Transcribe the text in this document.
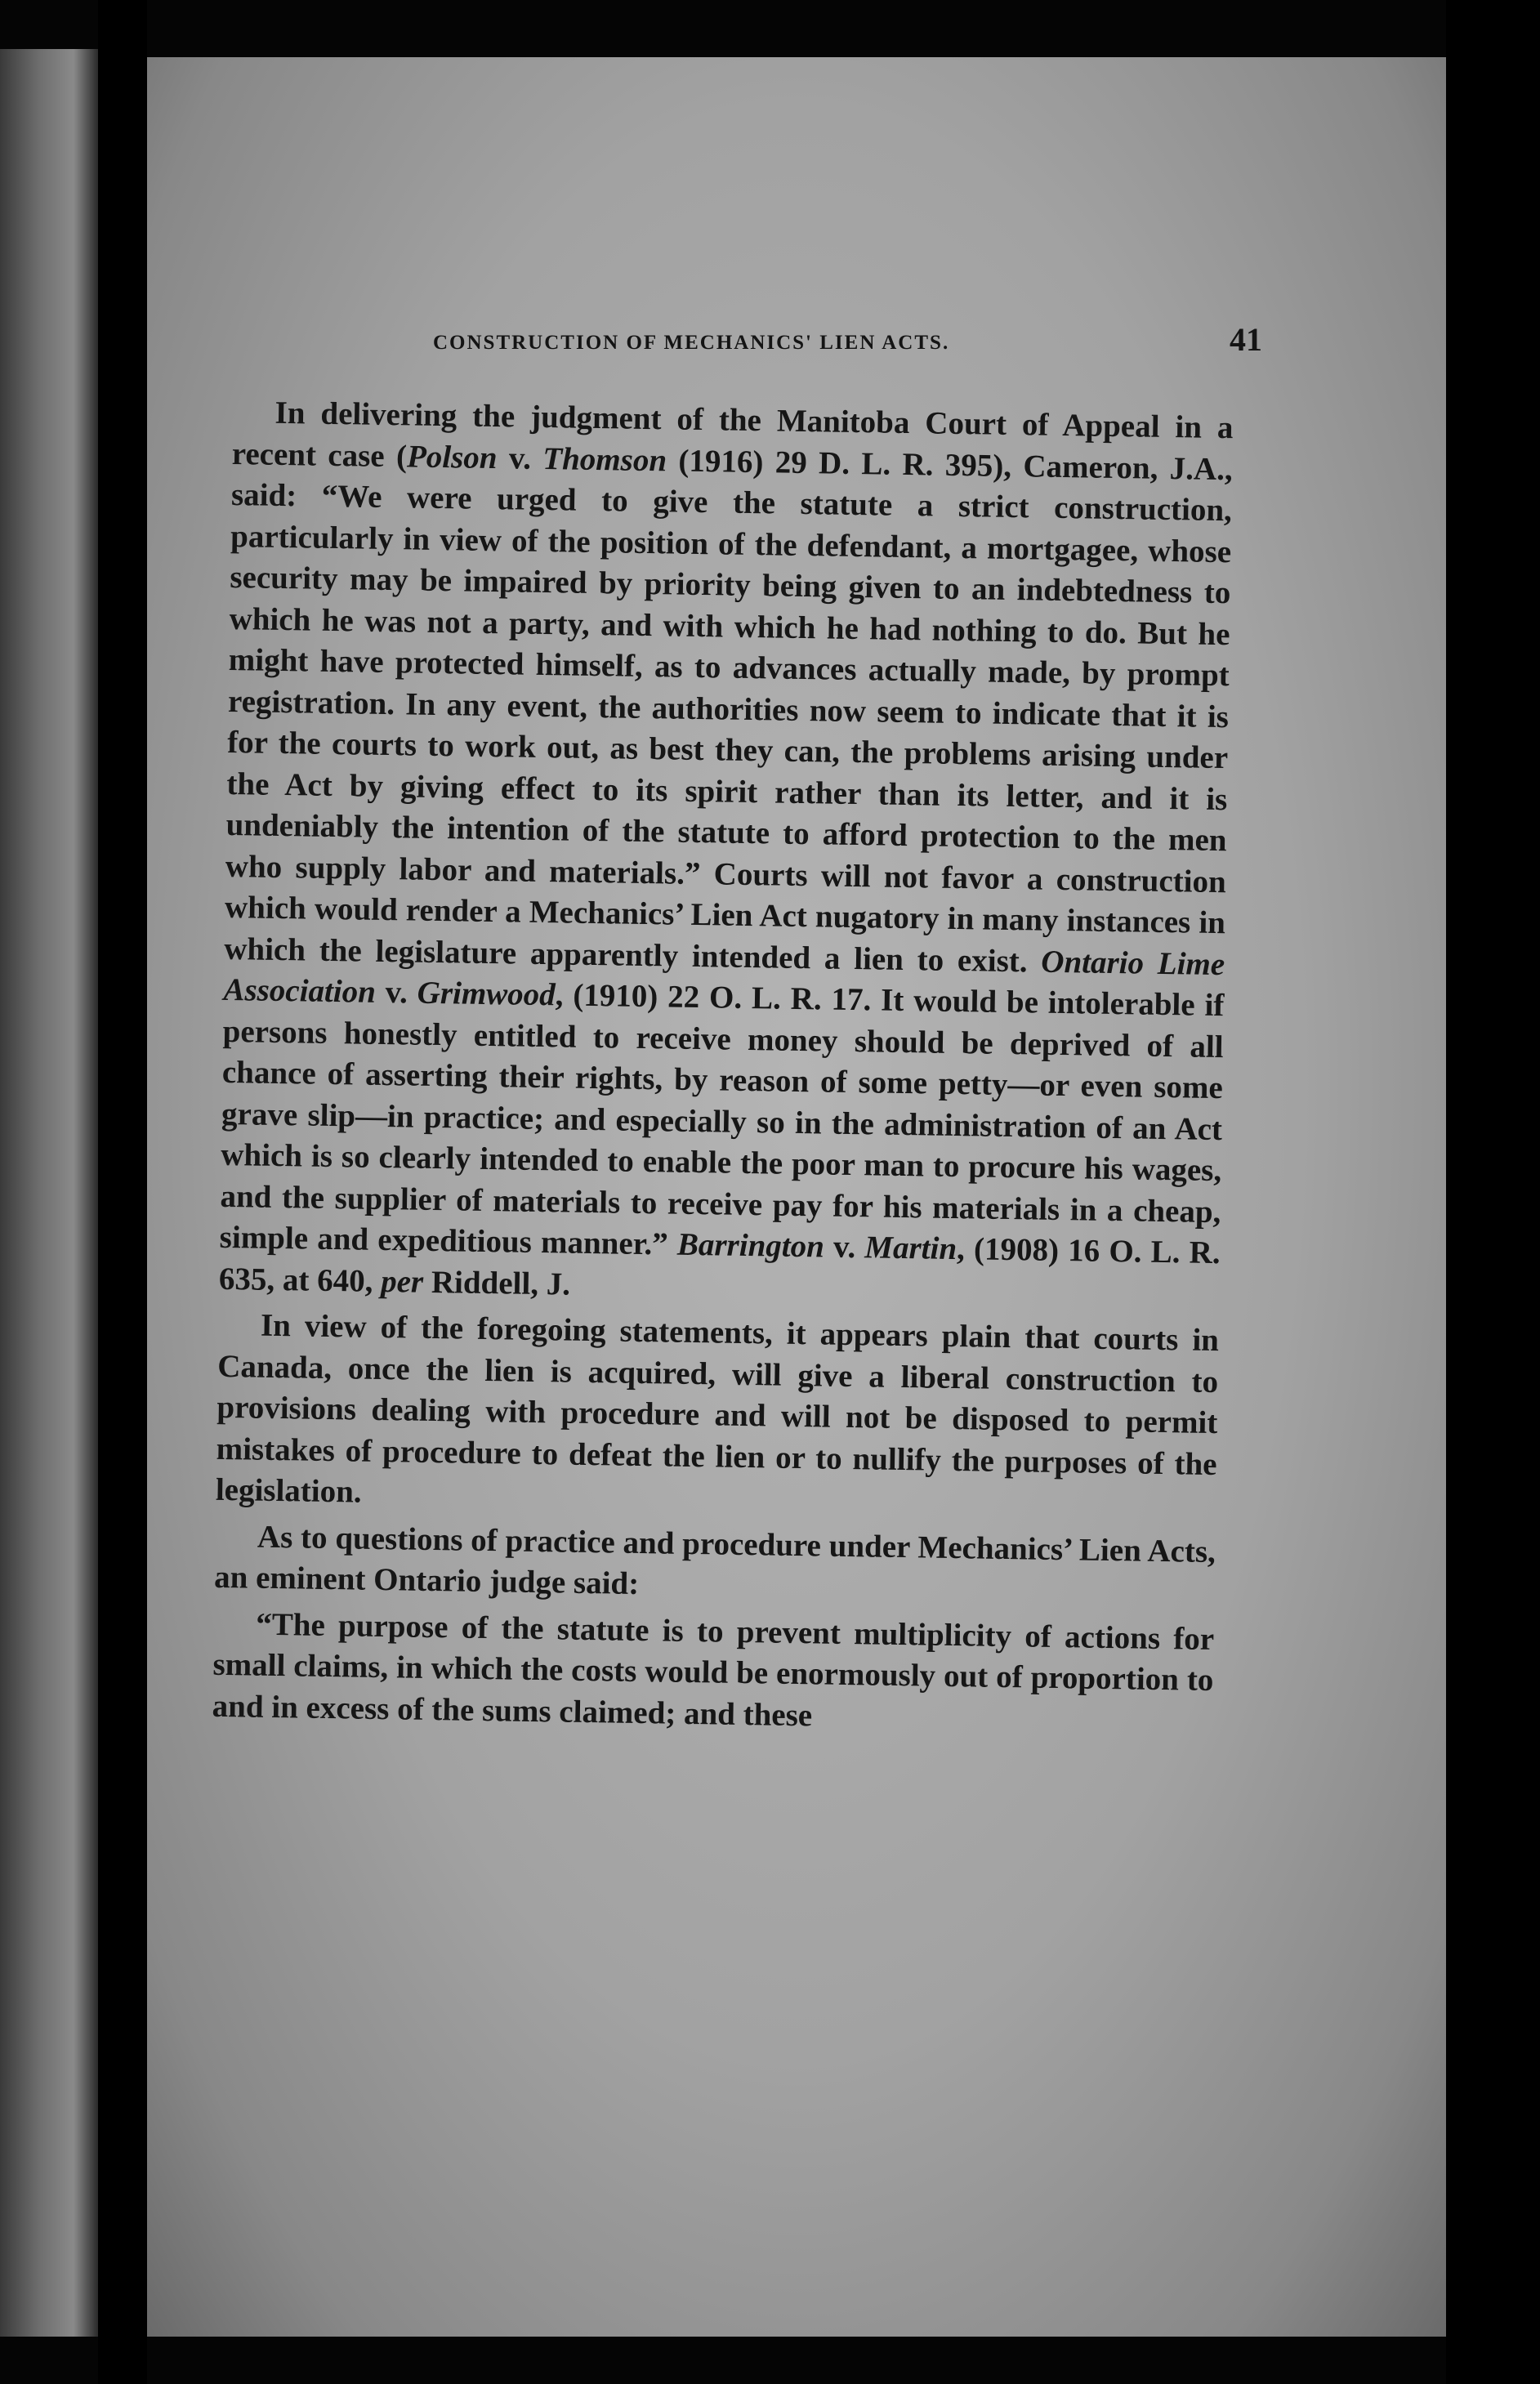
CONSTRUCTION OF MECHANICS' LIEN ACTS.	41

In delivering the judgment of the Manitoba Court of Appeal in a recent case (Polson v. Thomson (1916) 29 D. L. R. 395), Cameron, J.A., said: “We were urged to give the statute a strict construction, particularly in view of the position of the defendant, a mortgagee, whose security may be impaired by priority being given to an indebtedness to which he was not a party, and with which he had nothing to do. But he might have protected himself, as to advances actually made, by prompt registration. In any event, the authorities now seem to indicate that it is for the courts to work out, as best they can, the problems arising under the Act by giving effect to its spirit rather than its letter, and it is undeniably the intention of the statute to afford protection to the men who supply labor and materials.” Courts will not favor a construction which would render a Mechanics’ Lien Act nugatory in many instances in which the legislature apparently intended a lien to exist. Ontario Lime Association v. Grimwood, (1910) 22 O. L. R. 17. It would be intolerable if persons honestly entitled to receive money should be deprived of all chance of asserting their rights, by reason of some petty—or even some grave slip—in practice; and especially so in the administration of an Act which is so clearly intended to enable the poor man to procure his wages, and the supplier of materials to receive pay for his materials in a cheap, simple and expeditious manner.” Barrington v. Martin, (1908) 16 O. L. R. 635, at 640, per Riddell, J.

In view of the foregoing statements, it appears plain that courts in Canada, once the lien is acquired, will give a liberal construction to provisions dealing with procedure and will not be disposed to permit mistakes of procedure to defeat the lien or to nullify the purposes of the legislation.

As to questions of practice and procedure under Mechanics’ Lien Acts, an eminent Ontario judge said:

“The purpose of the statute is to prevent multiplicity of actions for small claims, in which the costs would be enormously out of proportion to and in excess of the sums claimed; and these
